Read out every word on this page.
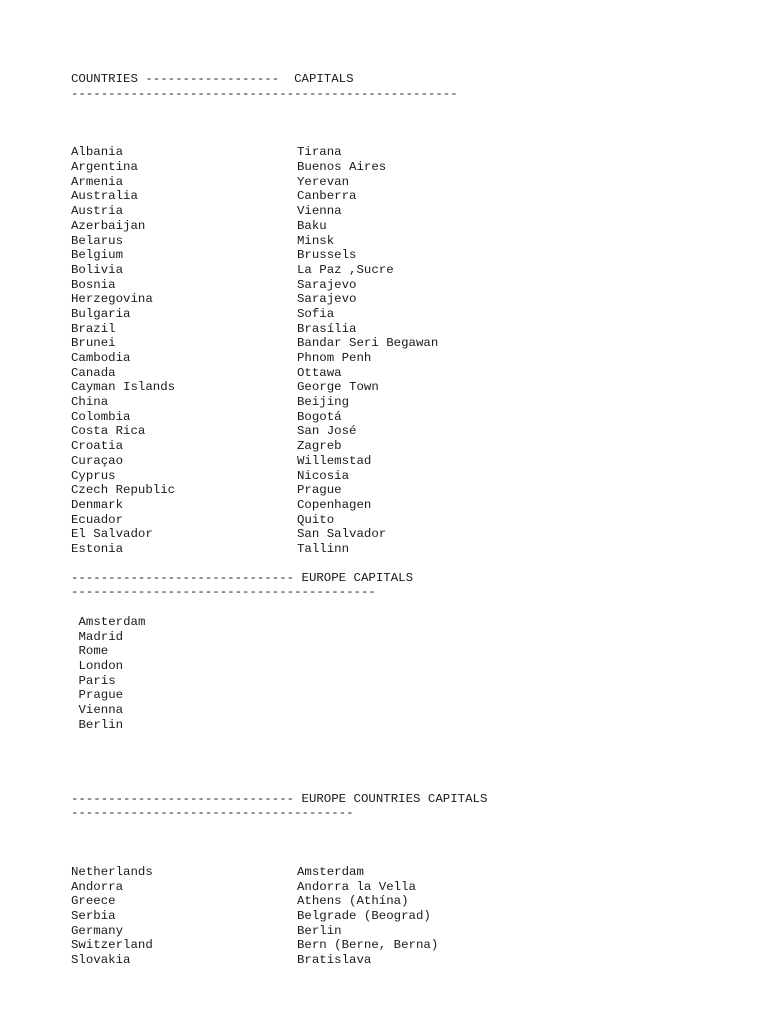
COUNTRIES ------------------  CAPITALS
----------------------------------------------------
Albania	Tirana
Argentina	Buenos Aires
Armenia	Yerevan
Australia	Canberra
Austria	Vienna
Azerbaijan	Baku
Belarus	Minsk
Belgium	Brussels
Bolivia	La Paz ,Sucre
Bosnia	Sarajevo
Herzegovina	Sarajevo
Bulgaria	Sofia
Brazil	Brasília
Brunei	Bandar Seri Begawan
Cambodia	Phnom Penh
Canada	Ottawa
Cayman Islands	George Town
China	Beijing
Colombia	Bogotá
Costa Rica	San José
Croatia	Zagreb
Curaçao	Willemstad
Cyprus	Nicosia
Czech Republic	Prague
Denmark	Copenhagen
Ecuador	Quito
El Salvador	San Salvador
Estonia	Tallinn
------------------------------ EUROPE CAPITALS
-----------------------------------------
Amsterdam
Madrid
Rome
London
Paris
Prague
Vienna
Berlin
------------------------------ EUROPE COUNTRIES CAPITALS
--------------------------------------
Netherlands	Amsterdam
Andorra	Andorra la Vella
Greece	Athens (Athína)
Serbia	Belgrade (Beograd)
Germany	Berlin
Switzerland	Bern (Berne, Berna)
Slovakia	Bratislava
